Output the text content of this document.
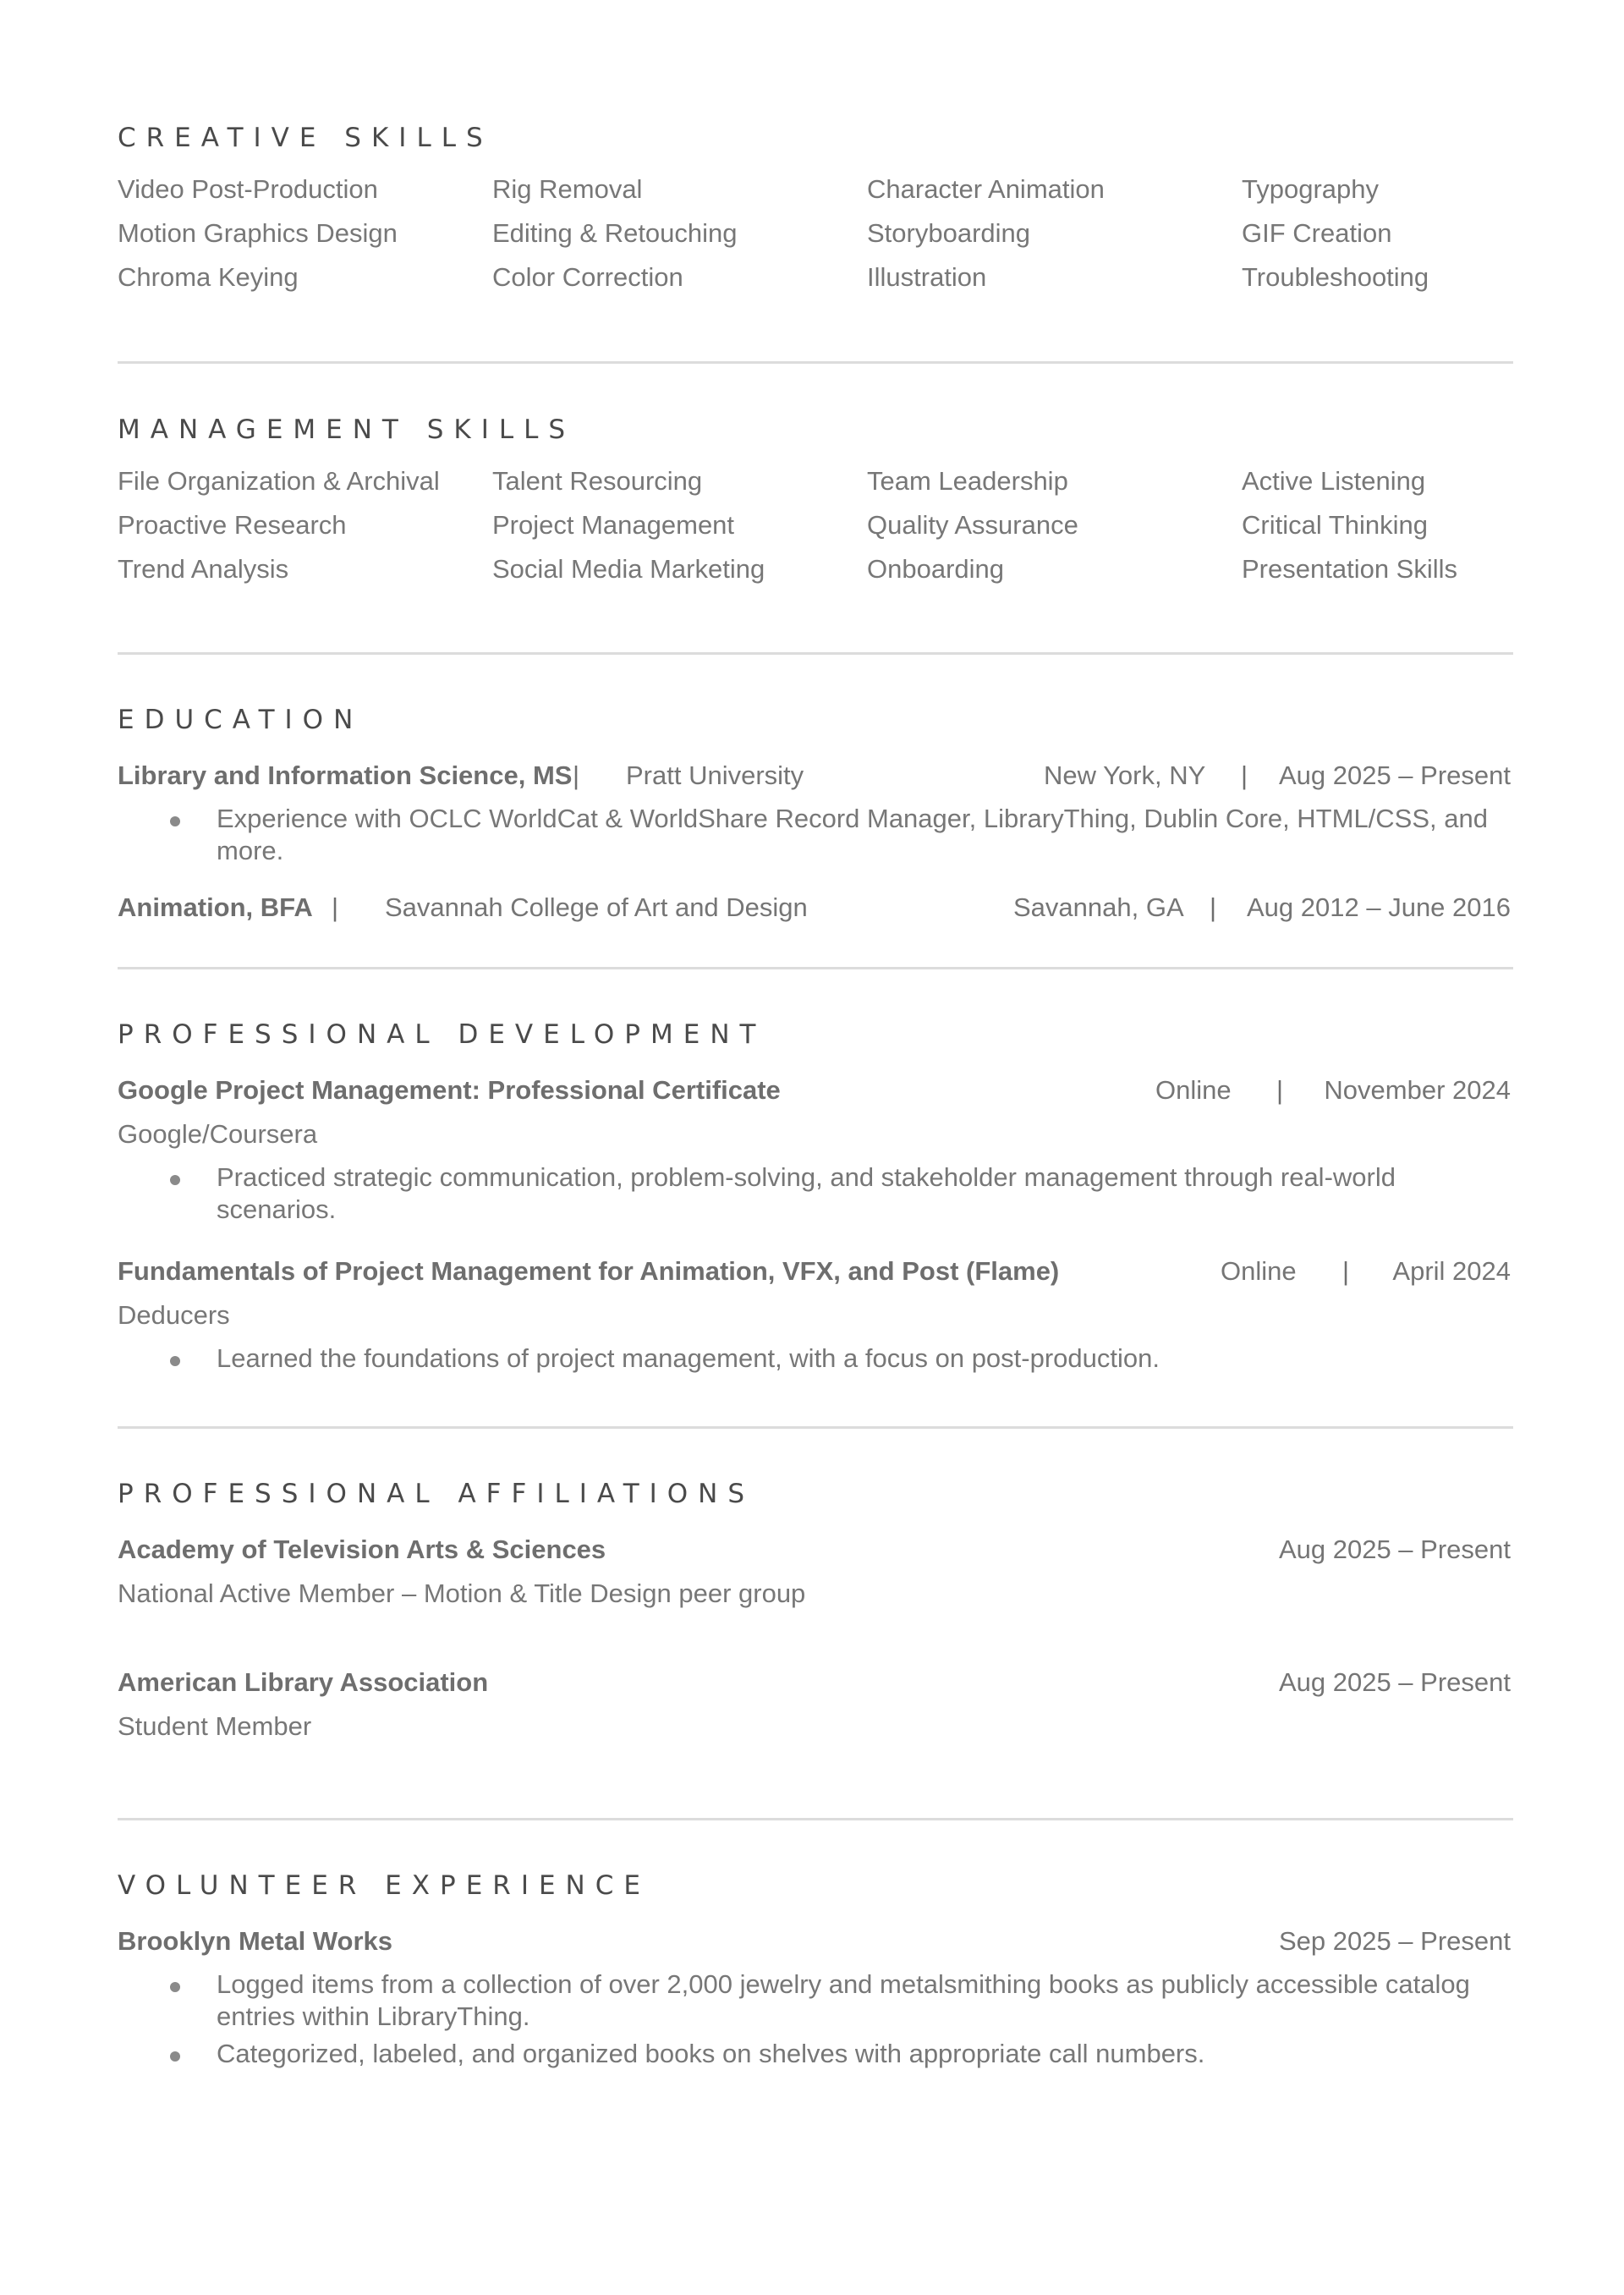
CREATIVE SKILLS
Video Post-Production	Rig Removal	Character Animation	Typography
Motion Graphics Design	Editing & Retouching	Storyboarding	GIF Creation
Chroma Keying	Color Correction	Illustration	Troubleshooting
MANAGEMENT SKILLS
File Organization & Archival	Talent Resourcing	Team Leadership	Active Listening
Proactive Research	Project Management	Quality Assurance	Critical Thinking
Trend Analysis	Social Media Marketing	Onboarding	Presentation Skills
EDUCATION
Library and Information Science, MS | Pratt University	New York, NY | Aug 2025 – Present
Experience with OCLC WorldCat & WorldShare Record Manager, LibraryThing, Dublin Core, HTML/CSS, and more.
Animation, BFA | Savannah College of Art and Design	Savannah, GA | Aug 2012 – June 2016
PROFESSIONAL DEVELOPMENT
Google Project Management: Professional Certificate	Online | November 2024
Google/Coursera
Practiced strategic communication, problem-solving, and stakeholder management through real-world scenarios.
Fundamentals of Project Management for Animation, VFX, and Post (Flame)	Online | April 2024
Deducers
Learned the foundations of project management, with a focus on post-production.
PROFESSIONAL AFFILIATIONS
Academy of Television Arts & Sciences	Aug 2025 – Present
National Active Member – Motion & Title Design peer group
American Library Association	Aug 2025 – Present
Student Member
VOLUNTEER EXPERIENCE
Brooklyn Metal Works	Sep 2025 – Present
Logged items from a collection of over 2,000 jewelry and metalsmithing books as publicly accessible catalog entries within LibraryThing.
Categorized, labeled, and organized books on shelves with appropriate call numbers.
